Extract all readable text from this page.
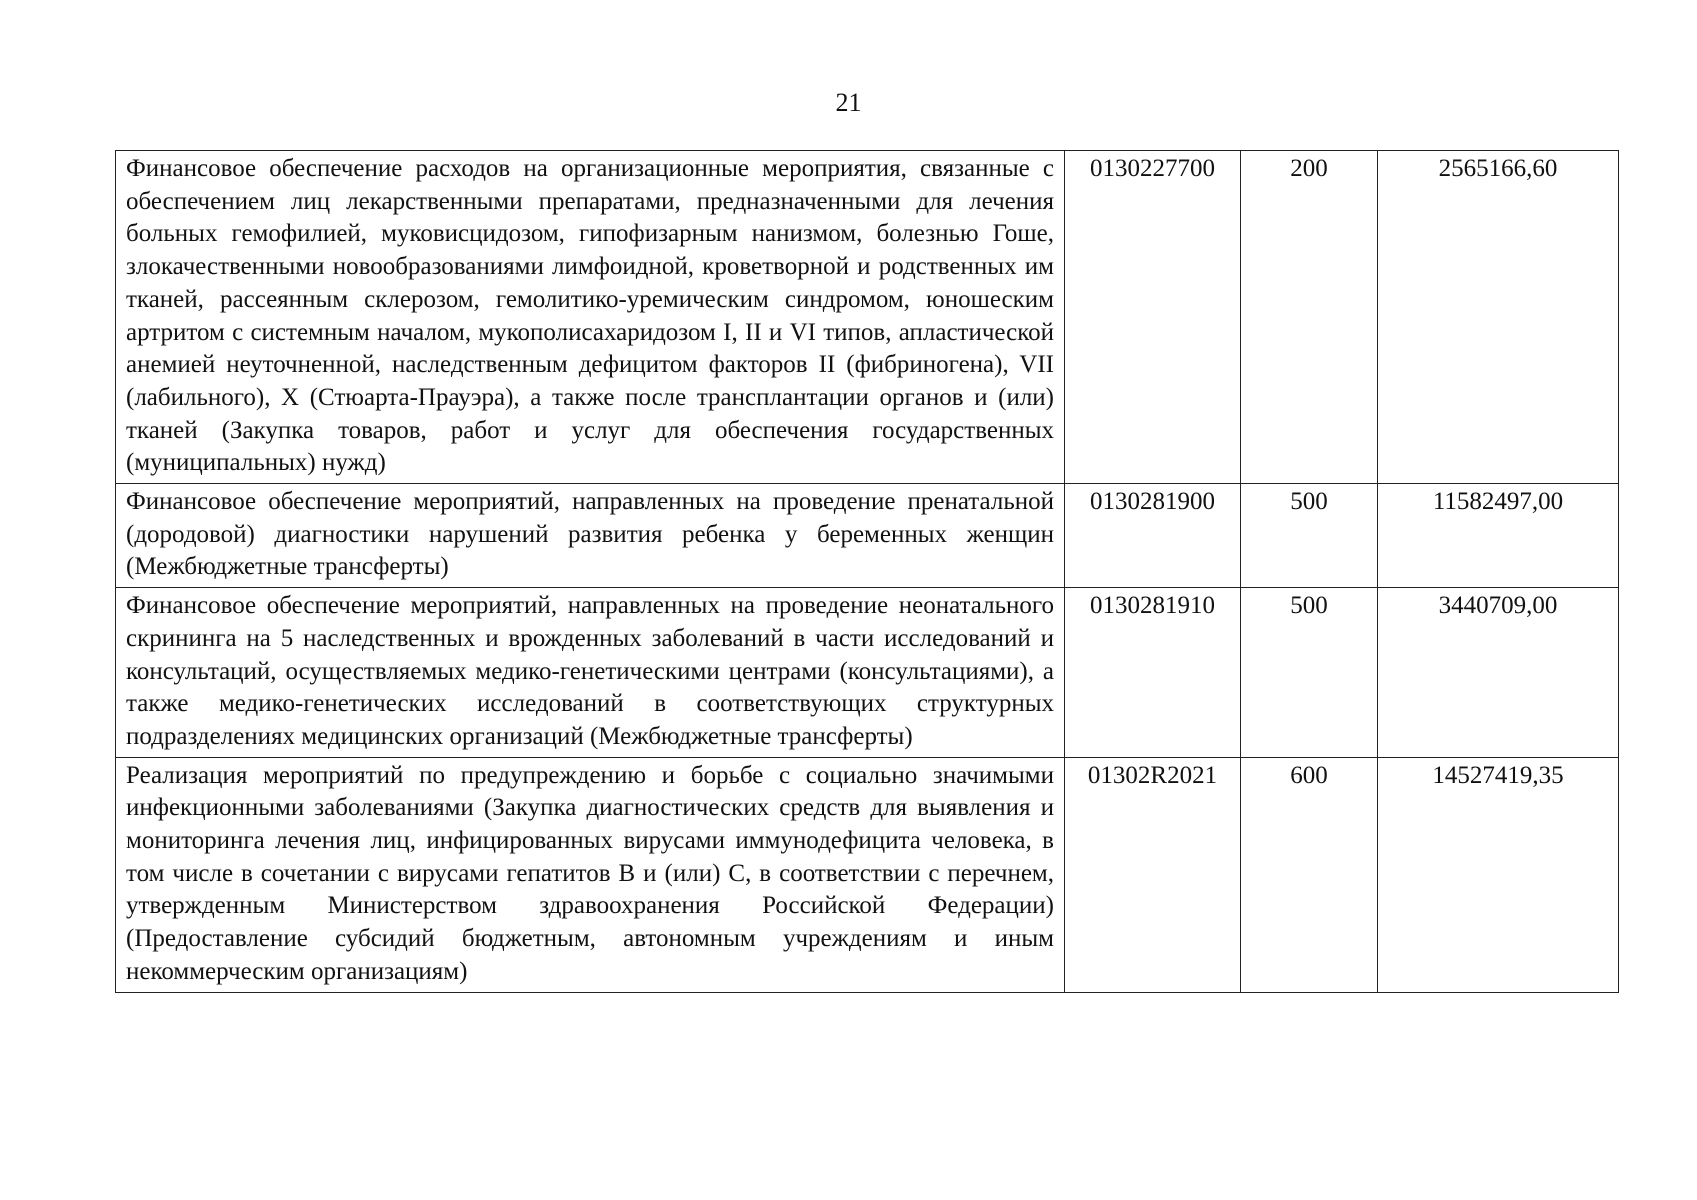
21
Финансовое обеспечение расходов на организационные мероприятия, связанные с обеспечением лиц лекарственными препаратами, предназначенными для лечения больных гемофилией, муковисцидозом, гипофизарным нанизмом, болезнью Гоше, злокачественными новообразованиями лимфоидной, кроветворной и родственных им тканей, рассеянным склерозом, гемолитико-уремическим синдромом, юношеским артритом с системным началом, мукополисахаридозом I, II и VI типов, апластической анемией неуточненной, наследственным дефицитом факторов II (фибриногена), VII (лабильного), X (Стюарта-Прауэра), а также после трансплантации органов и (или) тканей (Закупка товаров, работ и услуг для обеспечения государственных (муниципальных) нужд)	0130227700	200	2565166,60
Финансовое обеспечение мероприятий, направленных на проведение пренатальной (дородовой) диагностики нарушений развития ребенка у беременных женщин (Межбюджетные трансферты)	0130281900	500	11582497,00
Финансовое обеспечение мероприятий, направленных на проведение неонатального скрининга на 5 наследственных и врожденных заболеваний в части исследований и консультаций, осуществляемых медико-генетическими центрами (консультациями), а также медико-генетических исследований в соответствующих структурных подразделениях медицинских организаций (Межбюджетные трансферты)	0130281910	500	3440709,00
Реализация мероприятий по предупреждению и борьбе с социально значимыми инфекционными заболеваниями (Закупка диагностических средств для выявления и мониторинга лечения лиц, инфицированных вирусами иммунодефицита человека, в том числе в сочетании с вирусами гепатитов B и (или) C, в соответствии с перечнем, утвержденным Министерством здравоохранения Российской Федерации) (Предоставление субсидий бюджетным, автономным учреждениям и иным некоммерческим организациям)	01302R2021	600	14527419,35
